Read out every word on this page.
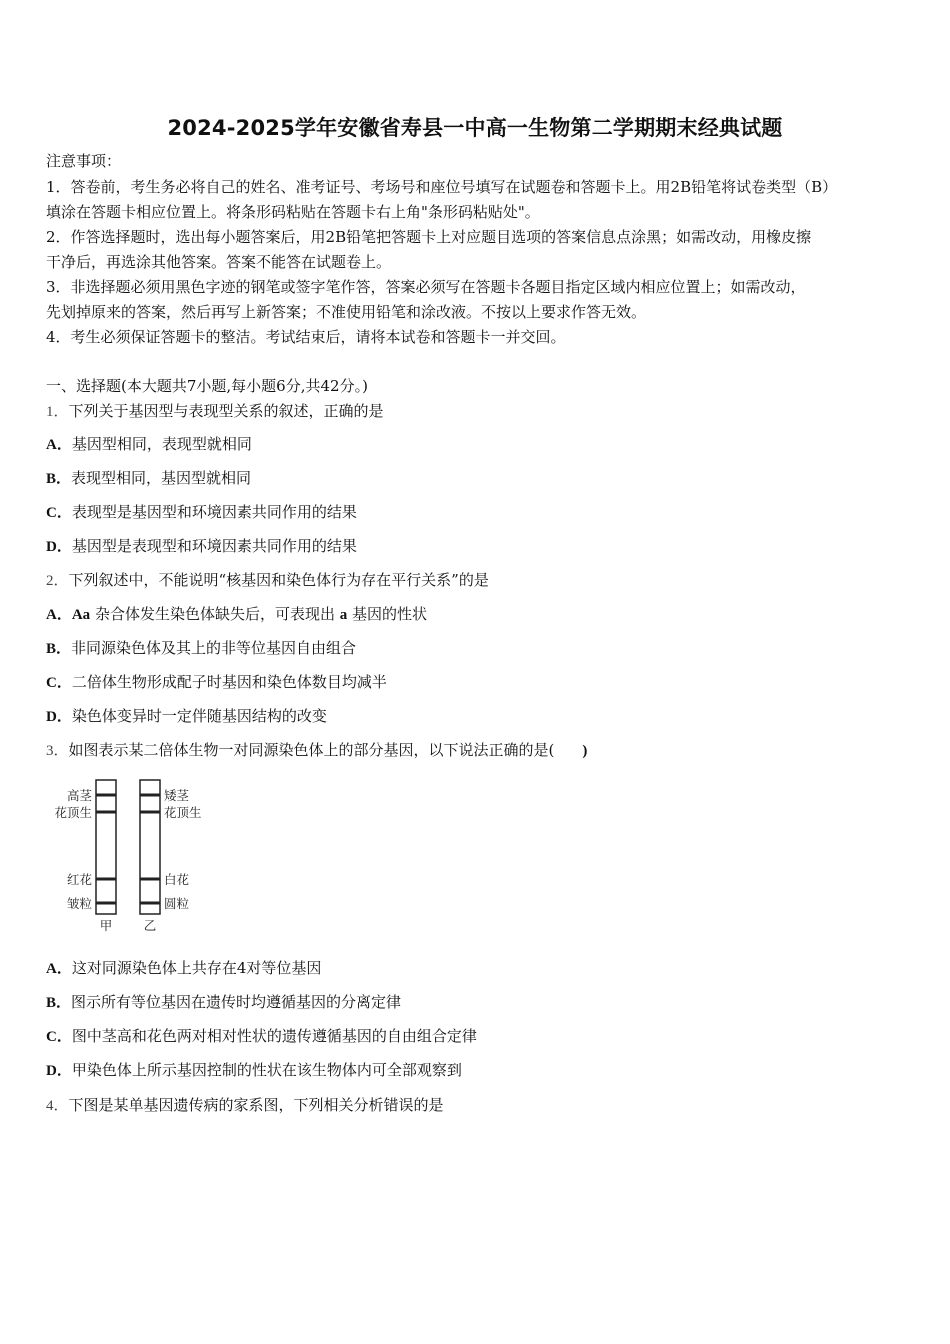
2024-2025学年安徽省寿县一中高一生物第二学期期末经典试题
注意事项：
1．答卷前，考生务必将自己的姓名、准考证号、考场号和座位号填写在试题卷和答题卡上。用2B铅笔将试卷类型（B）
填涂在答题卡相应位置上。将条形码粘贴在答题卡右上角"条形码粘贴处"。
2．作答选择题时，选出每小题答案后，用2B铅笔把答题卡上对应题目选项的答案信息点涂黑；如需改动，用橡皮擦
干净后，再选涂其他答案。答案不能答在试题卷上。
3．非选择题必须用黑色字迹的钢笔或签字笔作答，答案必须写在答题卡各题目指定区域内相应位置上；如需改动，
先划掉原来的答案，然后再写上新答案；不准使用铅笔和涂改液。不按以上要求作答无效。
4．考生必须保证答题卡的整洁。考试结束后，请将本试卷和答题卡一并交回。
一、选择题(本大题共7小题,每小题6分,共42分。)
1．下列关于基因型与表现型关系的叙述，正确的是
A．基因型相同，表现型就相同
B．表现型相同，基因型就相同
C．表现型是基因型和环境因素共同作用的结果
D．基因型是表现型和环境因素共同作用的结果
2．下列叙述中，不能说明“核基因和染色体行为存在平行关系”的是
A．Aa 杂合体发生染色体缺失后，可表现出 a 基因的性状
B．非同源染色体及其上的非等位基因自由组合
C．二倍体生物形成配子时基因和染色体数目均减半
D．染色体变异时一定伴随基因结构的改变
3．如图表示某二倍体生物一对同源染色体上的部分基因，以下说法正确的是( )
高茎
花顶生
红花
皱粒
矮茎
花顶生
白花
圆粒
甲	乙
A．这对同源染色体上共存在4对等位基因
B．图示所有等位基因在遗传时均遵循基因的分离定律
C．图中茎高和花色两对相对性状的遗传遵循基因的自由组合定律
D．甲染色体上所示基因控制的性状在该生物体内可全部观察到
4．下图是某单基因遗传病的家系图，下列相关分析错误的是
